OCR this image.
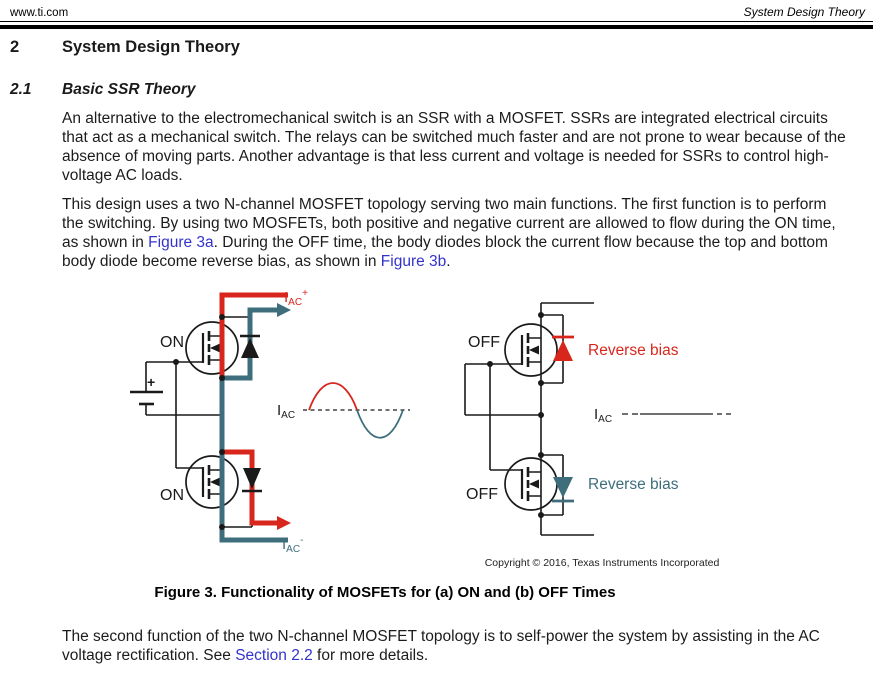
www.ti.com	System Design Theory
2	System Design Theory
2.1 Basic SSR Theory
An alternative to the electromechanical switch is an SSR with a MOSFET. SSRs are integrated electrical circuits that act as a mechanical switch. The relays can be switched much faster and are not prone to wear because of the absence of moving parts. Another advantage is that less current and voltage is needed for SSRs to control high-voltage AC loads.
This design uses a two N-channel MOSFET topology serving two main functions. The first function is to perform the switching. By using two MOSFETs, both positive and negative current are allowed to flow during the ON time, as shown in Figure 3a. During the OFF time, the body diodes block the current flow because the top and bottom body diode become reverse bias, as shown in Figure 3b.
+
ON
ON
$I_{AC}^+$
$I_{AC}^-$
$I_{AC}$
OFF
OFF
Reverse bias
Reverse bias
$I_{AC}$
Copyright © 2016, Texas Instruments Incorporated
Figure 3. Functionality of MOSFETs for (a) ON and (b) OFF Times
The second function of the two N-channel MOSFET topology is to self-power the system by assisting in the AC voltage rectification. See Section 2.2 for more details.
